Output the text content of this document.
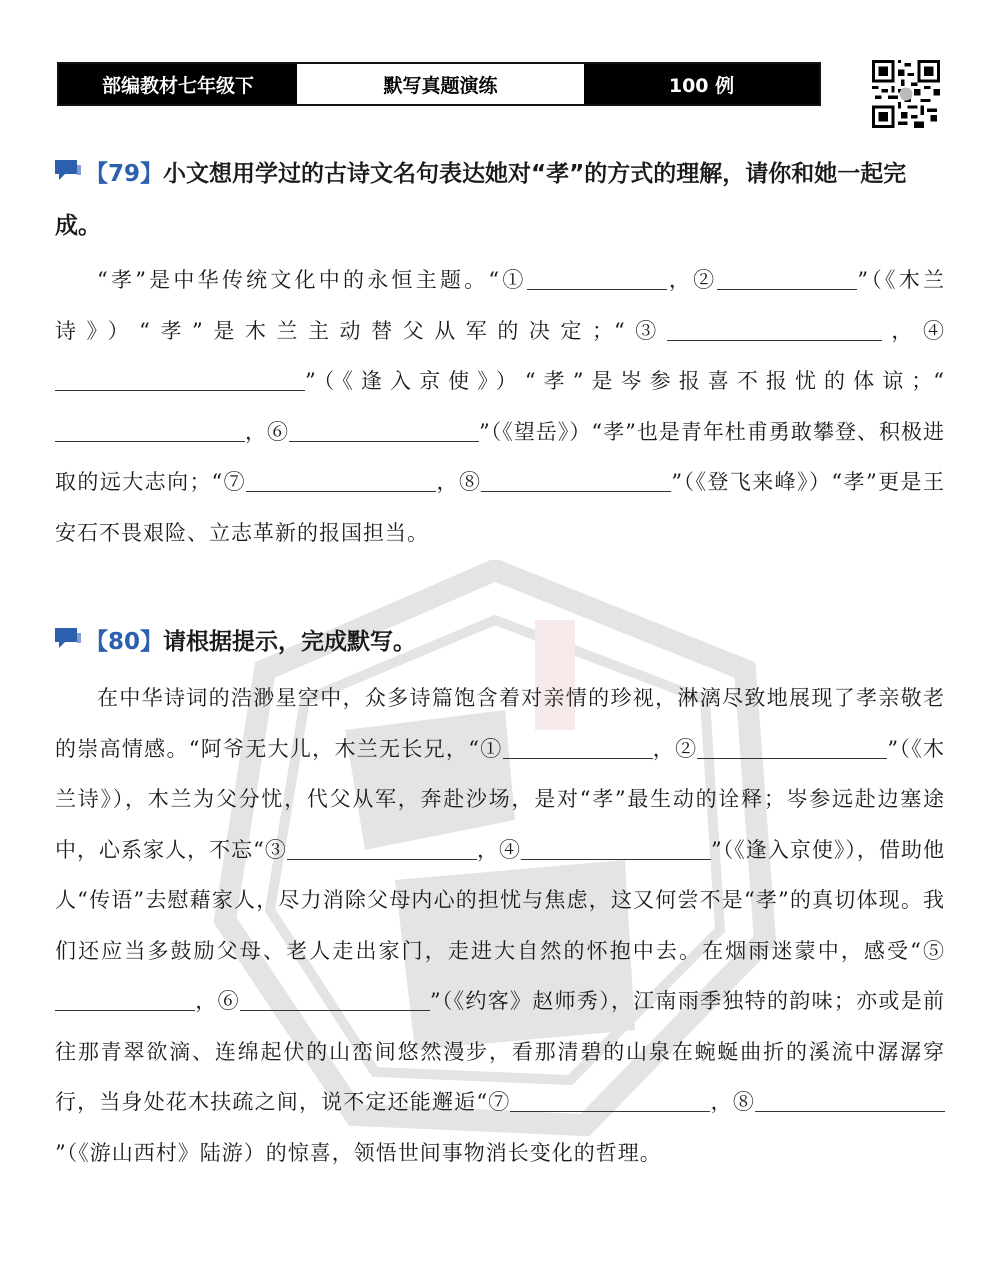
部编教材七年级下	默写真题演练	100 例
【79】小文想用学过的古诗文名句表达她对“孝”的方式的理解，请你和她一起完成。
“孝”是中华传统文化中的永恒主题。“①	，②	”（《木兰诗》）“孝”是木兰主动替父从军的决定；“③	，④”（《逢入京使》）“孝”是岑参报喜不报忧的体谅；“，⑥	”（《望岳》）“孝”也是青年杜甫勇敢攀登、积极进取的远大志向；“⑦	，⑧	”（《登飞来峰》）“孝”更是王安石不畏艰险、立志革新的报国担当。
【80】请根据提示，完成默写。
在中华诗词的浩渺星空中，众多诗篇饱含着对亲情的珍视，淋漓尽致地展现了孝亲敬老的崇高情感。“阿爷无大儿，木兰无长兄，“①	，②	”（《木兰诗》），木兰为父分忧，代父从军，奔赴沙场，是对“孝”最生动的诠释；岑参远赴边塞途中，心系家人，不忘“③	，④	”（《逢入京使》），借助他人“传语”去慰藉家人，尽力消除父母内心的担忧与焦虑，这又何尝不是“孝”的真切体现。我们还应当多鼓励父母、老人走出家门，走进大自然的怀抱中去。在烟雨迷蒙中，感受“⑤，⑥	”（《约客》赵师秀），江南雨季独特的韵味；亦或是前往那青翠欲滴、连绵起伏的山峦间悠然漫步，看那清碧的山泉在蜿蜒曲折的溪流中潺潺穿行，当身处花木扶疏之间，说不定还能邂逅“⑦	，⑧”（《游山西村》陆游）的惊喜，领悟世间事物消长变化的哲理。
